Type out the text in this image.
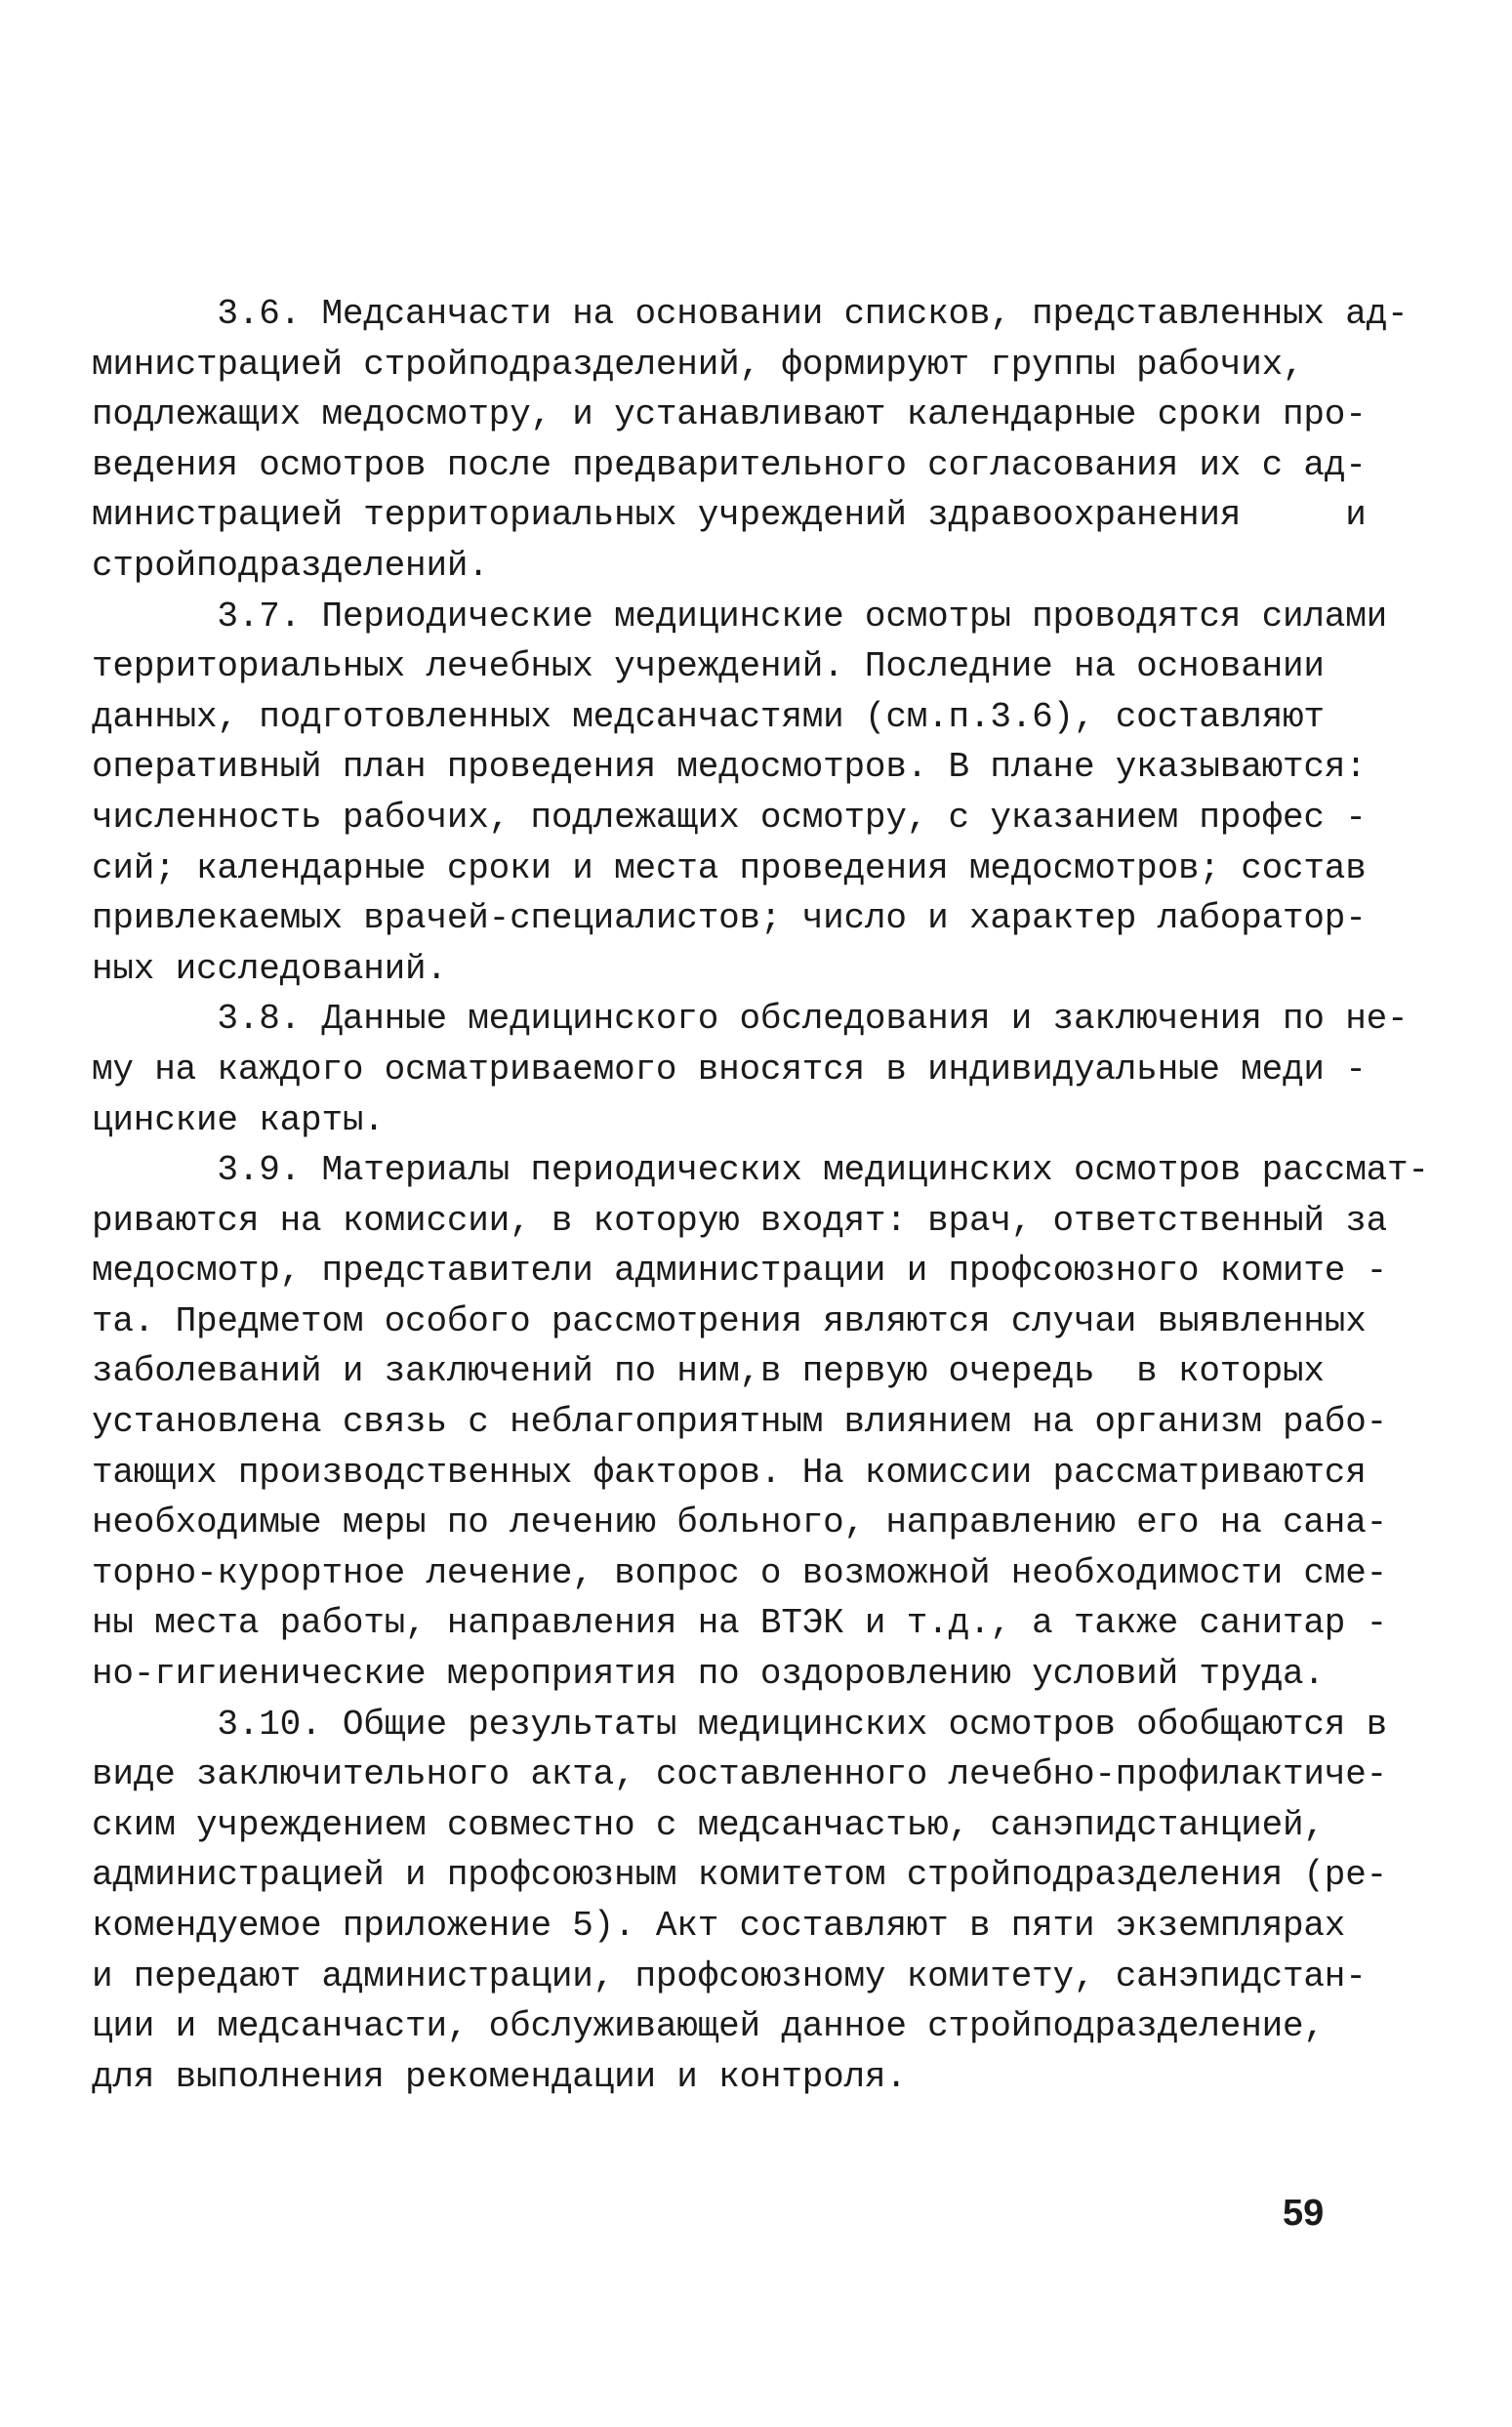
3.6. Медсанчасти на основании списков, представленных ад-
министрацией стройподразделений, формируют группы рабочих,
подлежащих медосмотру, и устанавливают календарные сроки про-
ведения осмотров после предварительного согласования их с ад-
министрацией территориальных учреждений здравоохранения     и
стройподразделений.
3.7. Периодические медицинские осмотры проводятся силами
территориальных лечебных учреждений. Последние на основании
данных, подготовленных медсанчастями (см.п.3.6), составляют
оперативный план проведения медосмотров. В плане указываются:
численность рабочих, подлежащих осмотру, с указанием профес -
сий; календарные сроки и места проведения медосмотров; состав
привлекаемых врачей-специалистов; число и характер лаборатор-
ных исследований.
3.8. Данные медицинского обследования и заключения по не-
му на каждого осматриваемого вносятся в индивидуальные меди -
цинские карты.
3.9. Материалы периодических медицинских осмотров рассмат-
риваются на комиссии, в которую входят: врач, ответственный за
медосмотр, представители администрации и профсоюзного комите -
та. Предметом особого рассмотрения являются случаи выявленных
заболеваний и заключений по ним,в первую очередь  в которых
установлена связь с неблагоприятным влиянием на организм рабо-
тающих производственных факторов. На комиссии рассматриваются
необходимые меры по лечению больного, направлению его на сана-
торно-курортное лечение, вопрос о возможной необходимости сме-
ны места работы, направления на ВТЭК и т.д., а также санитар -
но-гигиенические мероприятия по оздоровлению условий труда.
3.10. Общие результаты медицинских осмотров обобщаются в
виде заключительного акта, составленного лечебно-профилактиче-
ским учреждением совместно с медсанчастью, санэпидстанцией,
администрацией и профсоюзным комитетом стройподразделения (ре-
комендуемое приложение 5). Акт составляют в пяти экземплярах
и передают администрации, профсоюзному комитету, санэпидстан-
ции и медсанчасти, обслуживающей данное стройподразделение,
для выполнения рекомендации и контроля.
59
